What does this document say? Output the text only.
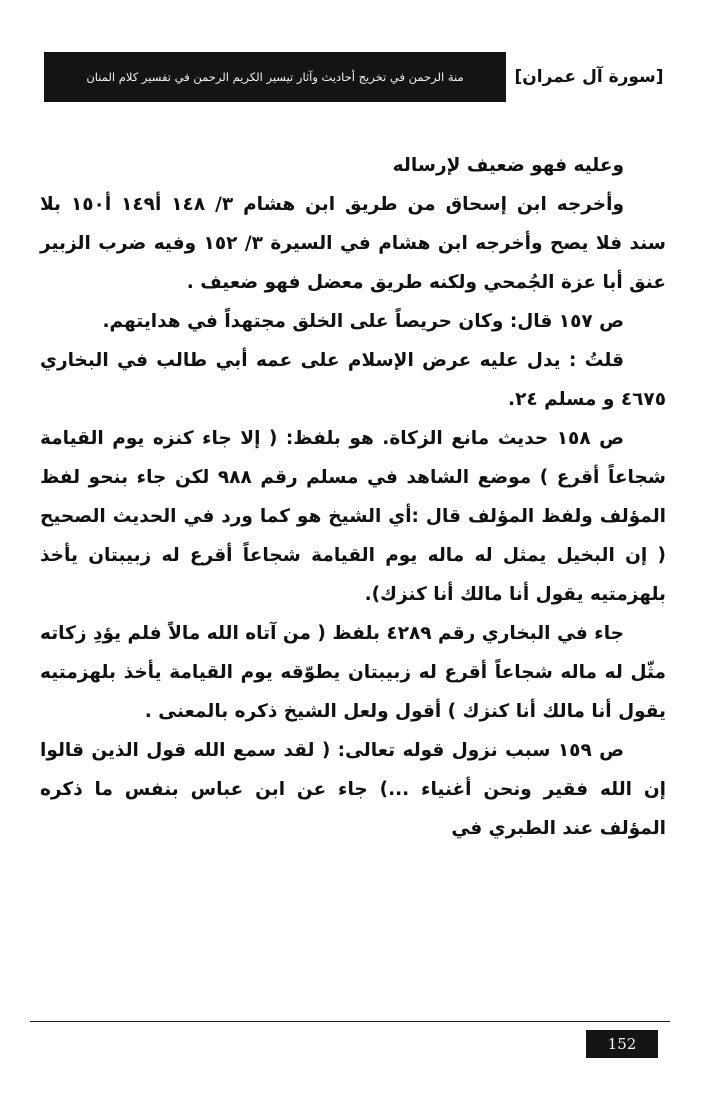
[سورة آل عمران]
منة الرحمن في تخريج أحاديث وآثار تيسير الكريم الرحمن في تفسير كلام المنان

وعليه فهو ضعيف لإرساله

وأخرجه ابن إسحاق من طريق ابن هشام ٣/ ١٤٨ أ١٤٩ أ١٥٠ بلا سند فلا يصح وأخرجه ابن هشام في السيرة ٣/ ١٥٢ وفيه ضرب الزبير عنق أبا عزة الجُمحي ولكنه طريق معضل فهو ضعيف .

ص ١٥٧ قال: وكان حريصاً على الخلق مجتهداً في هدايتهم.

قلتُ : يدل عليه عرض الإسلام على عمه أبي طالب في البخاري ٤٦٧٥ و مسلم ٢٤.

ص ١٥٨ حديث مانع الزكاة. هو بلفظ: ( إلا جاء كنزه يوم القيامة شجاعاً أقرع ) موضع الشاهد في مسلم رقم ٩٨٨ لكن جاء بنحو لفظ المؤلف ولفظ المؤلف قال :أي الشيخ هو كما ورد في الحديث الصحيح ( إن البخيل يمثل له ماله يوم القيامة شجاعاً أقرع له زبيبتان يأخذ بلهزمتيه يقول أنا مالك أنا كنزك).

جاء في البخاري رقم ٤٢٨٩ بلفظ ( من آتاه الله مالاً فلم يؤدِ زكاته مثّل له ماله شجاعاً أقرع له زبيبتان يطوّقه يوم القيامة يأخذ بلهزمتيه يقول أنا مالك أنا كنزك ) أقول ولعل الشيخ ذكره بالمعنى .

ص ١٥٩ سبب نزول قوله تعالى: ( لقد سمع الله قول الذين قالوا إن الله فقير ونحن أغنياء ...) جاء عن ابن عباس بنفس ما ذكره المؤلف عند الطبري في

152
